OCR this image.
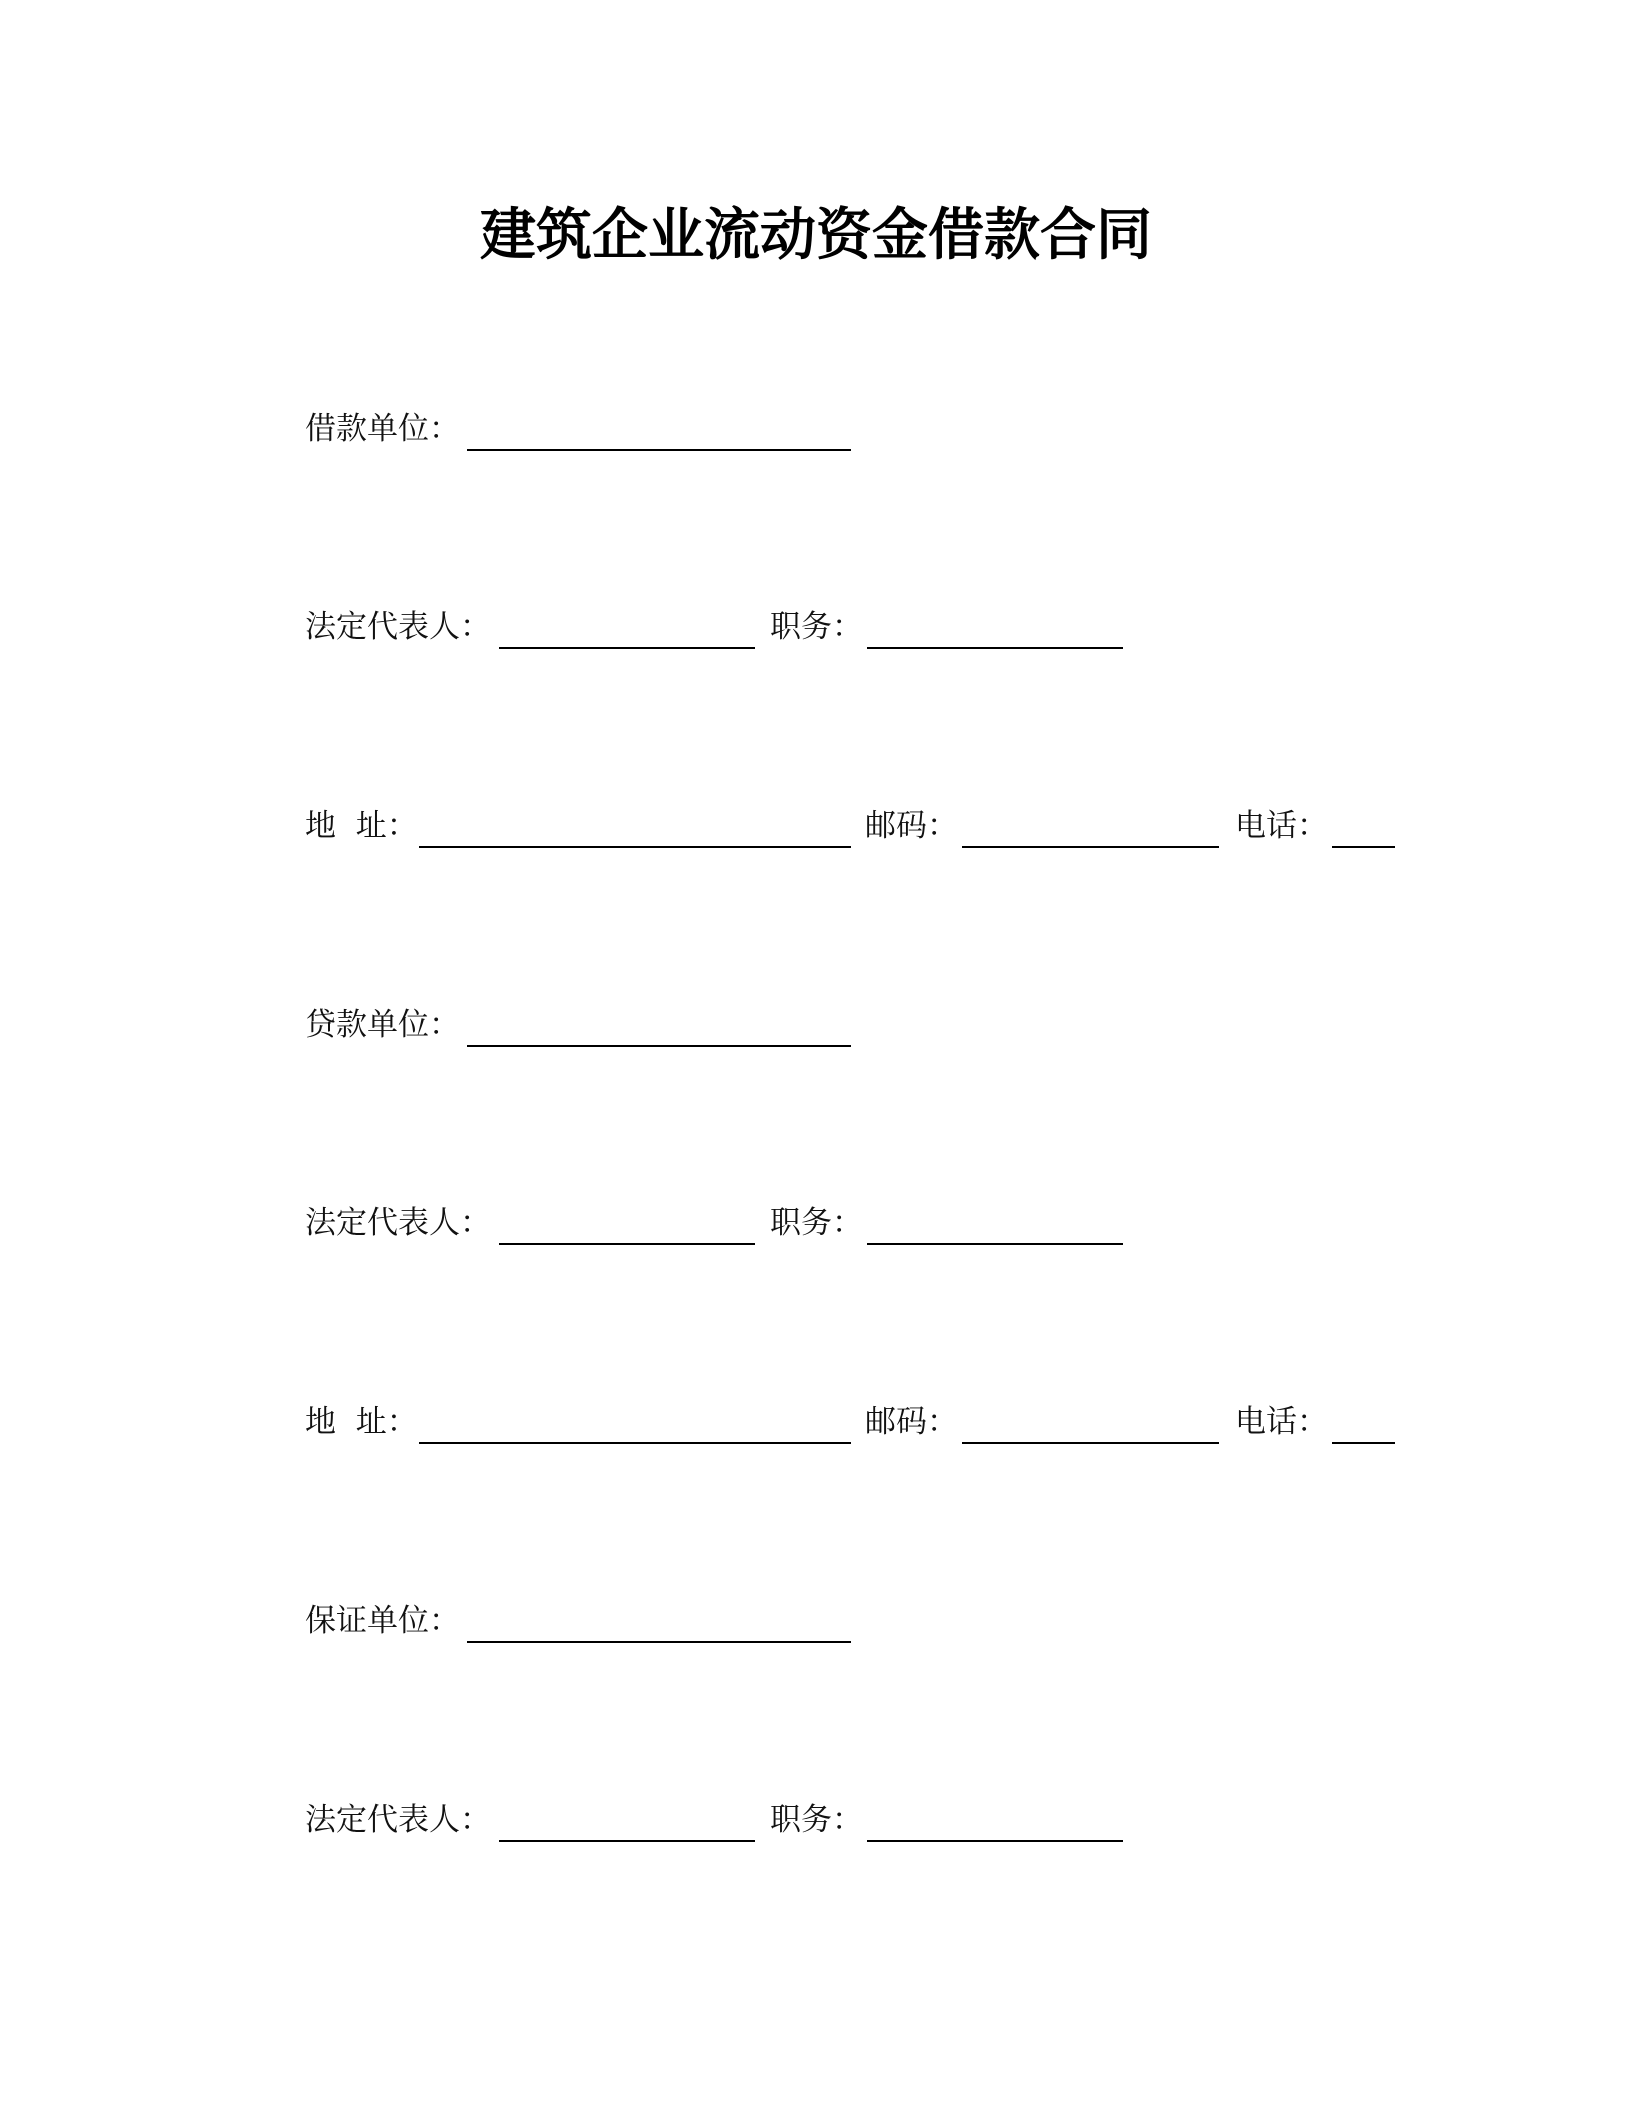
建筑企业流动资金借款合同
借款单位：
法定代表人：	职务：
地  址：	邮码：	电话：
贷款单位：
法定代表人：	职务：
地  址：	邮码：	电话：
保证单位：
法定代表人：	职务：
